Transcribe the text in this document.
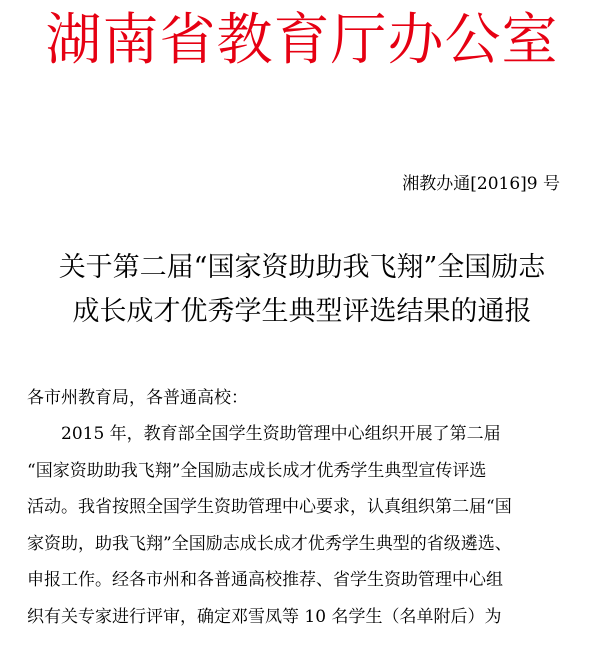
湖南省教育厅办公室
湘教办通[2016]9 号
关于第二届“国家资助助我飞翔”全国励志
成长成才优秀学生典型评选结果的通报
各市州教育局，各普通高校：
2015 年，教育部全国学生资助管理中心组织开展了第二届
“国家资助助我飞翔”全国励志成长成才优秀学生典型宣传评选
活动。我省按照全国学生资助管理中心要求，认真组织第二届“国
家资助，助我飞翔”全国励志成长成才优秀学生典型的省级遴选、
申报工作。经各市州和各普通高校推荐、省学生资助管理中心组
织有关专家进行评审，确定邓雪凤等 10 名学生（名单附后）为
